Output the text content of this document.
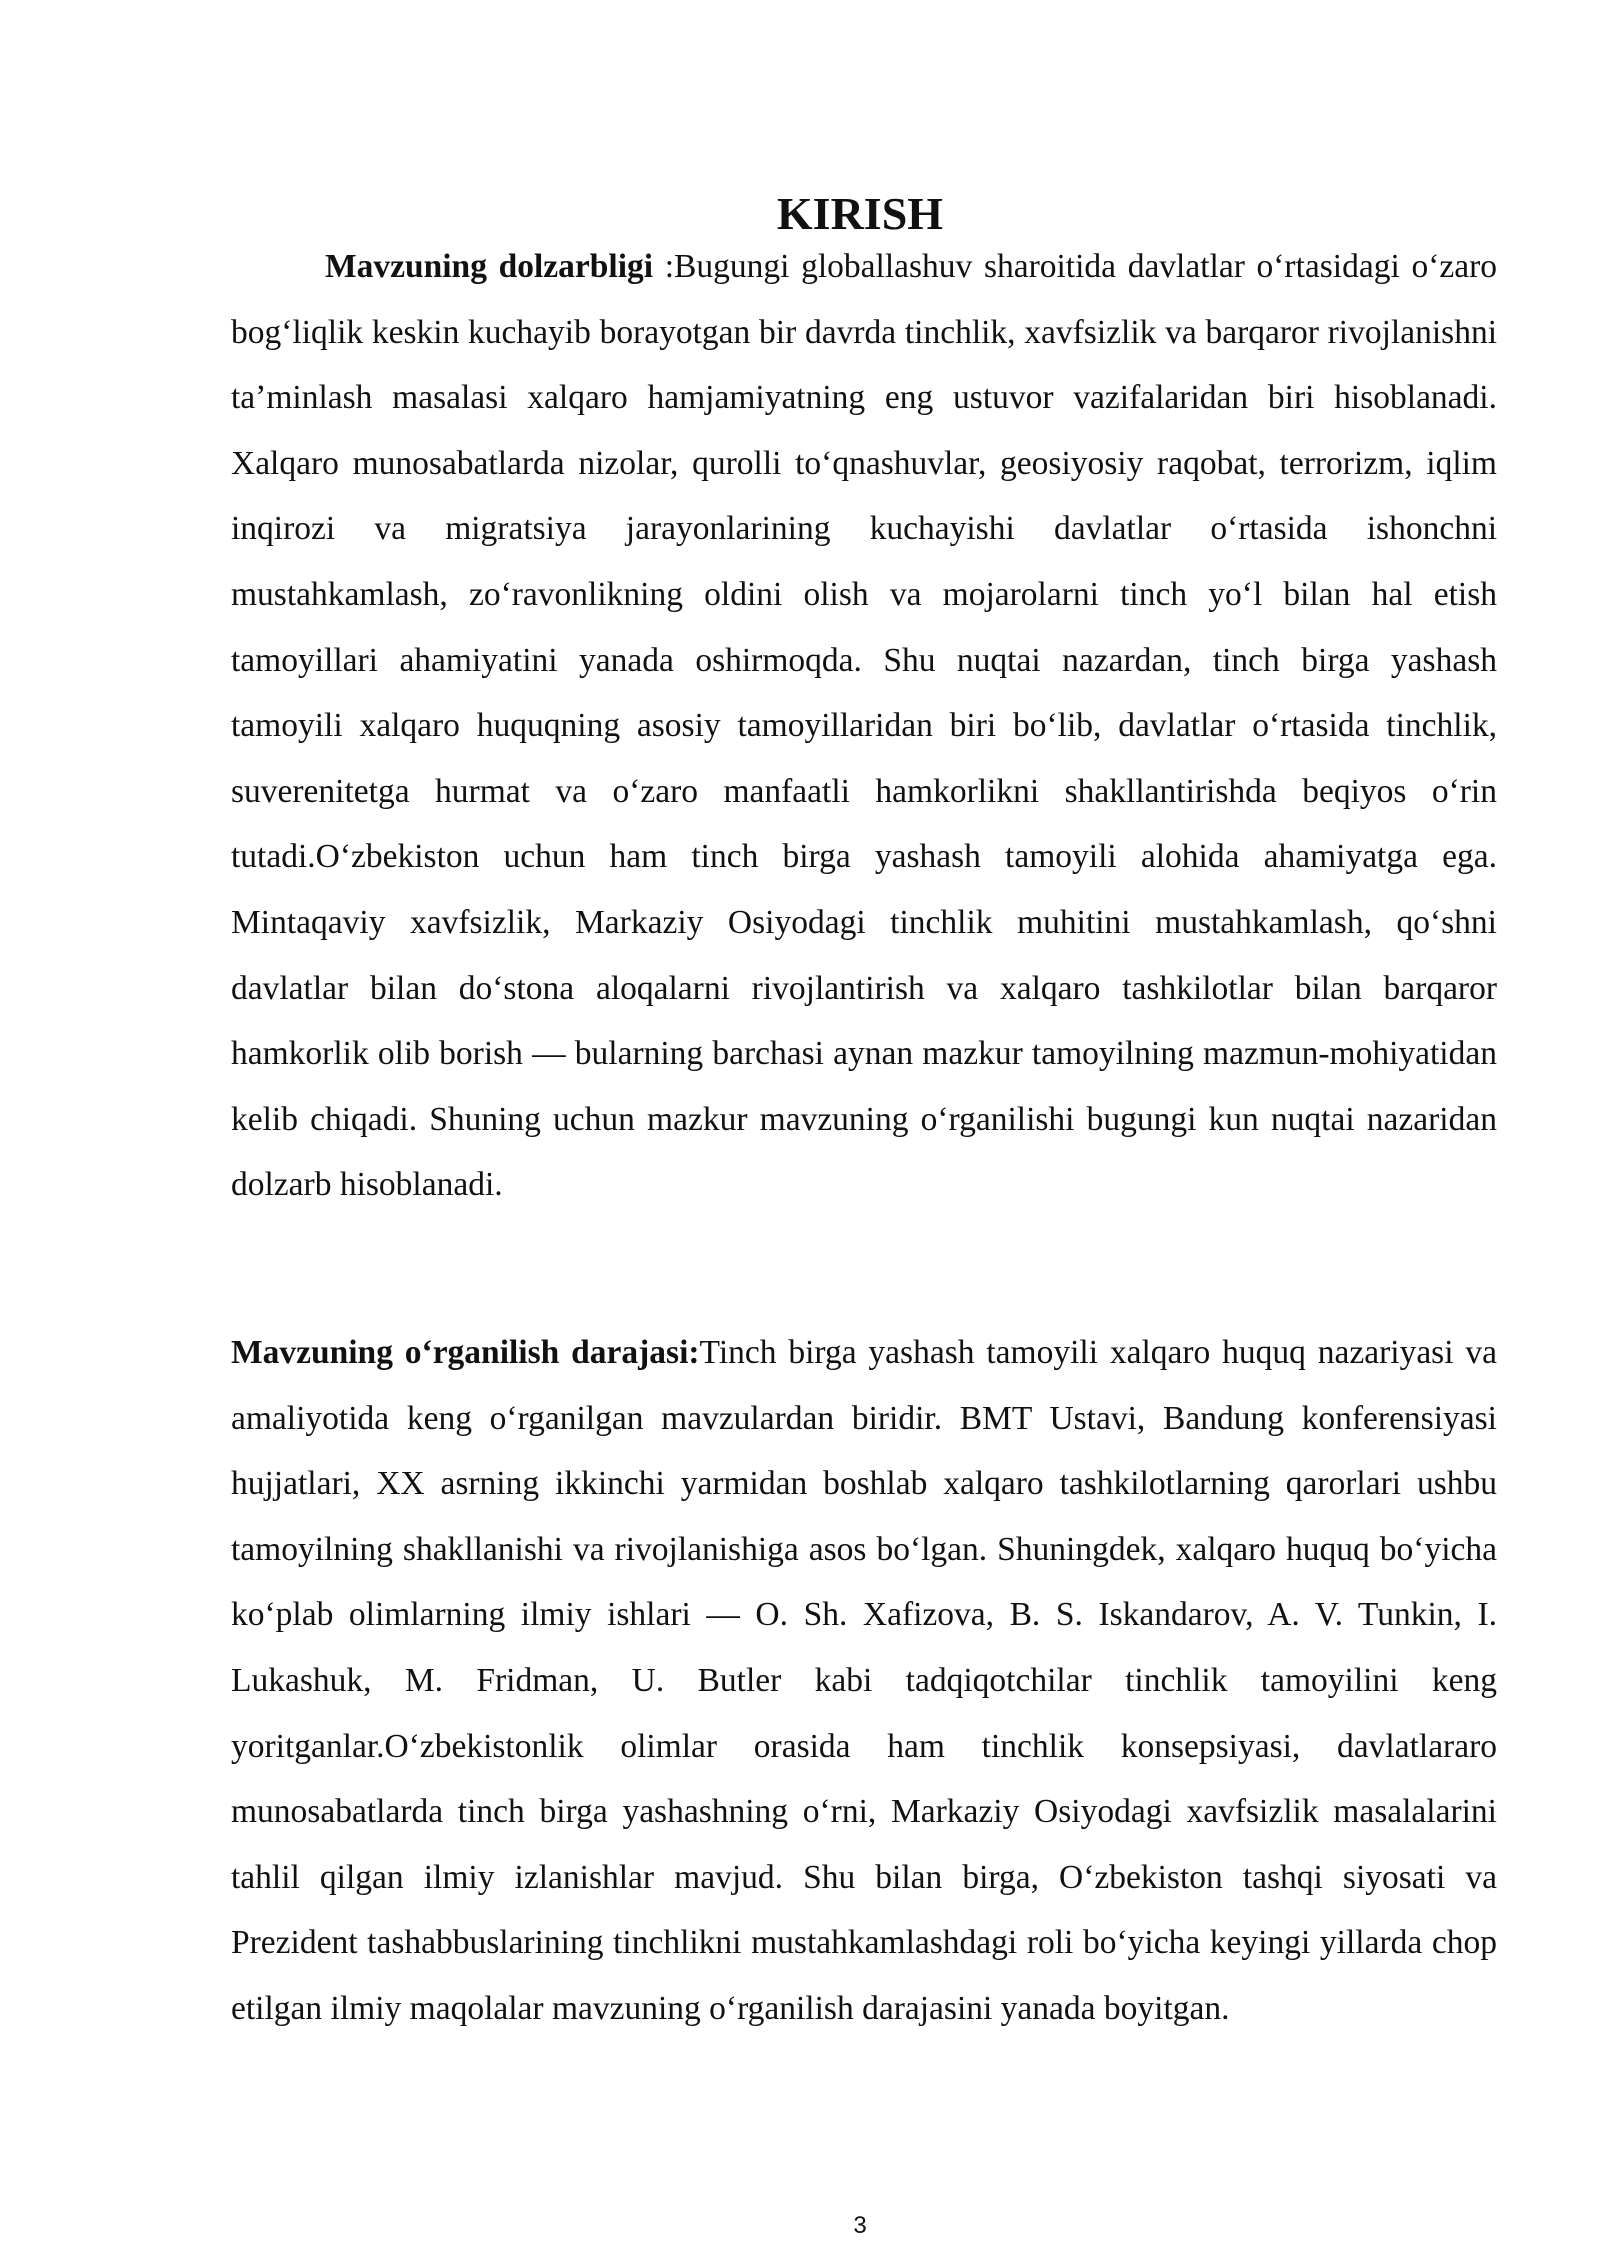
KIRISH

Mavzuning dolzarbligi :Bugungi globallashuv sharoitida davlatlar oʻrtasidagi oʻzaro bogʻliqlik keskin kuchayib borayotgan bir davrda tinchlik, xavfsizlik va barqaror rivojlanishni taʼminlash masalasi xalqaro hamjamiyatning eng ustuvor vazifalaridan biri hisoblanadi. Xalqaro munosabatlarda nizolar, qurolli toʻqnashuvlar, geosiyosiy raqobat, terrorizm, iqlim inqirozi va migratsiya jarayonlarining kuchayishi davlatlar oʻrtasida ishonchni mustahkamlash, zoʻravonlikning oldini olish va mojarolarni tinch yoʻl bilan hal etish tamoyillari ahamiyatini yanada oshirmoqda. Shu nuqtai nazardan, tinch birga yashash tamoyili xalqaro huquqning asosiy tamoyillaridan biri boʻlib, davlatlar oʻrtasida tinchlik, suverenitetga hurmat va oʻzaro manfaatli hamkorlikni shakllantirishda beqiyos oʻrin tutadi.Oʻzbekiston uchun ham tinch birga yashash tamoyili alohida ahamiyatga ega. Mintaqaviy xavfsizlik, Markaziy Osiyodagi tinchlik muhitini mustahkamlash, qoʻshni davlatlar bilan doʻstona aloqalarni rivojlantirish va xalqaro tashkilotlar bilan barqaror hamkorlik olib borish — bularning barchasi aynan mazkur tamoyilning mazmun-mohiyatidan kelib chiqadi. Shuning uchun mazkur mavzuning oʻrganilishi bugungi kun nuqtai nazaridan dolzarb hisoblanadi.

Mavzuning oʻrganilish darajasi:Tinch birga yashash tamoyili xalqaro huquq nazariyasi va amaliyotida keng oʻrganilgan mavzulardan biridir. BMT Ustavi, Bandung konferensiyasi hujjatlari, XX asrning ikkinchi yarmidan boshlab xalqaro tashkilotlarning qarorlari ushbu tamoyilning shakllanishi va rivojlanishiga asos boʻlgan. Shuningdek, xalqaro huquq boʻyicha koʻplab olimlarning ilmiy ishlari — O. Sh. Xafizova, B. S. Iskandarov, A. V. Tunkin, I. Lukashuk, M. Fridman, U. Butler kabi tadqiqotchilar tinchlik tamoyilini keng yoritganlar.Oʻzbekistonlik olimlar orasida ham tinchlik konsepsiyasi, davlatlararo munosabatlarda tinch birga yashashning oʻrni, Markaziy Osiyodagi xavfsizlik masalalarini tahlil qilgan ilmiy izlanishlar mavjud. Shu bilan birga, Oʻzbekiston tashqi siyosati va Prezident tashabbuslarining tinchlikni mustahkamlashdagi roli boʻyicha keyingi yillarda chop etilgan ilmiy maqolalar mavzuning oʻrganilish darajasini yanada boyitgan.

3
